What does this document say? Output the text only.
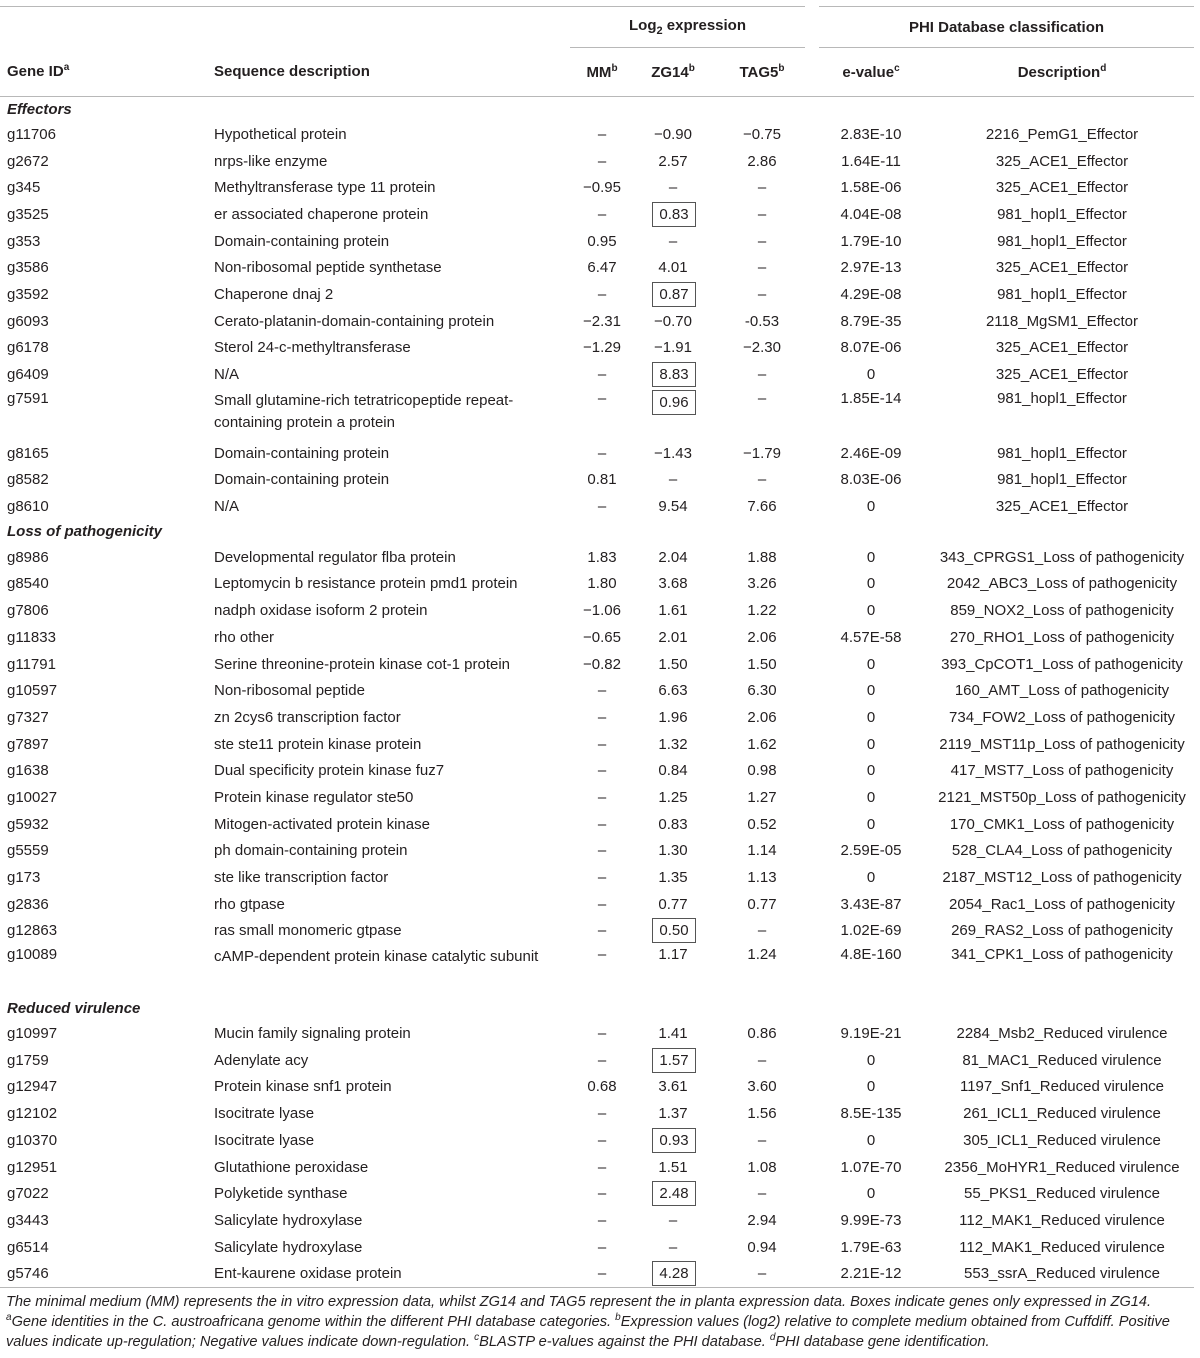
		Log$_2$ expression			PHI Database classification	
Gene $ID^a$	Sequence description	$MM^b$	ZG14$^b$	TAG5$^b$	e-value$^c$	Description$^d$
Effectors						
g11706	Hypothetical protein	–	−0.90	−0.75	2.83E-10	2216_PemG1_Effector
g2672	nrps-like enzyme	–	2.57	2.86	1.64E-11	325_ACE1_Effector
g345	Methyltransferase type 11 protein	−0.95	–	–	1.58E-06	325_ACE1_Effector
g3525	er associated chaperone protein	–	0.83	–	4.04E-08	981_hopl1_Effector
g353	Domain-containing protein	0.95	–	–	1.79E-10	981_hopl1_Effector
g3586	Non-ribosomal peptide synthetase	6.47	4.01	–	2.97E-13	325_ACE1_Effector
g3592	Chaperone dnaj 2	–	0.87	–	4.29E-08	981_hopl1_Effector
g6093	Cerato-platanin-domain-containing protein	−2.31	−0.70	-0.53	8.79E-35	2118_MgSM1_Effector
g6178	Sterol 24-c-methyltransferase	−1.29	−1.91	−2.30	8.07E-06	325_ACE1_Effector
g6409	N/A	–	8.83	–	0	325_ACE1_Effector
g7591	Small glutamine-rich tetratricopeptide repeat-containing protein a protein	–	0.96	–	1.85E-14	981_hopl1_Effector
g8165	Domain-containing protein	–	−1.43	−1.79	2.46E-09	981_hopl1_Effector
g8582	Domain-containing protein	0.81	–	–	8.03E-06	981_hopl1_Effector
g8610	N/A	–	9.54	7.66	0	325_ACE1_Effector
Loss of pathogenicity						
g8986	Developmental regulator flba protein	1.83	2.04	1.88	0	343_CPRGS1_Loss of pathogenicity
g8540	Leptomycin b resistance protein pmd1 protein	1.80	3.68	3.26	0	2042_ABC3_Loss of pathogenicity
g7806	nadph oxidase isoform 2 protein	−1.06	1.61	1.22	0	859_NOX2_Loss of pathogenicity
g11833	rho other	−0.65	2.01	2.06	4.57E-58	270_RHO1_Loss of pathogenicity
g11791	Serine threonine-protein kinase cot-1 protein	−0.82	1.50	1.50	0	393_CpCOT1_Loss of pathogenicity
g10597	Non-ribosomal peptide	–	6.63	6.30	0	160_AMT_Loss of pathogenicity
g7327	zn 2cys6 transcription factor	–	1.96	2.06	0	734_FOW2_Loss of pathogenicity
g7897	ste ste11 protein kinase protein	–	1.32	1.62	0	2119_MST11p_Loss of pathogenicity
g1638	Dual specificity protein kinase fuz7	–	0.84	0.98	0	417_MST7_Loss of pathogenicity
g10027	Protein kinase regulator ste50	–	1.25	1.27	0	2121_MST50p_Loss of pathogenicity
g5932	Mitogen-activated protein kinase	–	0.83	0.52	0	170_CMK1_Loss of pathogenicity
g5559	ph domain-containing protein	–	1.30	1.14	2.59E-05	528_CLA4_Loss of pathogenicity
g173	ste like transcription factor	–	1.35	1.13	0	2187_MST12_Loss of pathogenicity
g2836	rho gtpase	–	0.77	0.77	3.43E-87	2054_Rac1_Loss of pathogenicity
g12863	ras small monomeric gtpase	–	0.50	–	1.02E-69	269_RAS2_Loss of pathogenicity
g10089	cAMP-dependent protein kinase catalytic subunit	–	1.17	1.24	4.8E-160	341_CPK1_Loss of pathogenicity
Reduced virulence						
g10997	Mucin family signaling protein	–	1.41	0.86	9.19E-21	2284_Msb2_Reduced virulence
g1759	Adenylate acy	–	1.57	–	0	81_MAC1_Reduced virulence
g12947	Protein kinase snf1 protein	0.68	3.61	3.60	0	1197_Snf1_Reduced virulence
g12102	Isocitrate lyase	–	1.37	1.56	8.5E-135	261_ICL1_Reduced virulence
g10370	Isocitrate lyase	–	0.93	–	0	305_ICL1_Reduced virulence
g12951	Glutathione peroxidase	–	1.51	1.08	1.07E-70	2356_MoHYR1_Reduced virulence
g7022	Polyketide synthase	–	2.48	–	0	55_PKS1_Reduced virulence
g3443	Salicylate hydroxylase	–	–	2.94	9.99E-73	112_MAK1_Reduced virulence
g6514	Salicylate hydroxylase	–	–	0.94	1.79E-63	112_MAK1_Reduced virulence
g5746	Ent-kaurene oxidase protein	–	4.28	–	2.21E-12	553_ssrA_Reduced virulence
The minimal medium (MM) represents the in vitro expression data, whilst ZG14 and TAG5 represent the in planta expression data. Boxes indicate genes only expressed in ZG14. $^a$Gene identities in the C. austroafricana genome within the different PHI database categories. $^b$Expression values (log2) relative to complete medium obtained from Cuffdiff. Positive values indicate up-regulation; Negative values indicate down-regulation. $^c$BLASTP e-values against the PHI database. $^d$PHI database gene identification.
